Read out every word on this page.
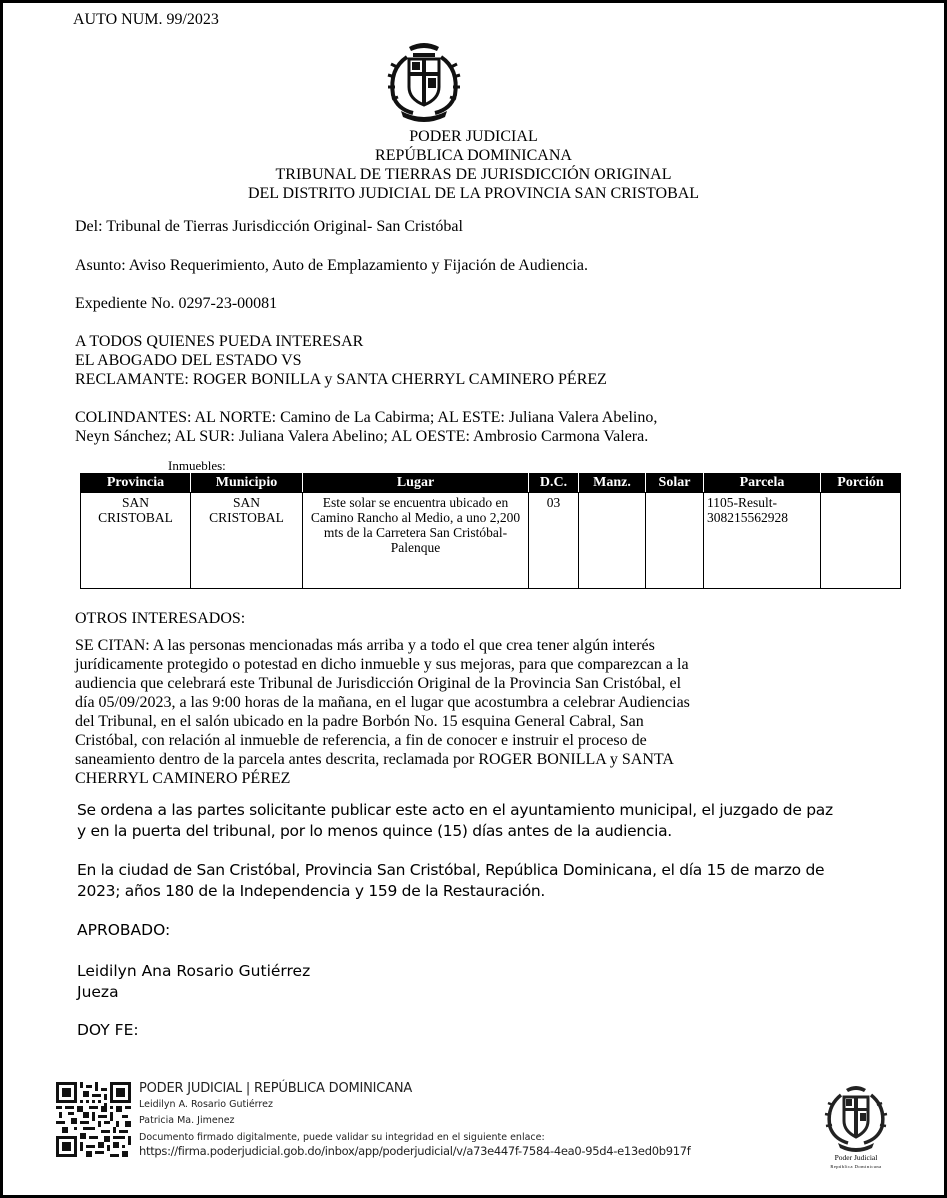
AUTO NUM. 99/2023
PODER JUDICIAL
REPÚBLICA DOMINICANA
TRIBUNAL DE TIERRAS DE JURISDICCIÓN ORIGINAL
DEL DISTRITO JUDICIAL DE LA PROVINCIA SAN CRISTOBAL
Del: Tribunal de Tierras Jurisdicción Original- San Cristóbal
Asunto: Aviso Requerimiento, Auto de Emplazamiento y Fijación de Audiencia.
Expediente No. 0297-23-00081
A TODOS QUIENES PUEDA INTERESAR
EL ABOGADO DEL ESTADO VS
RECLAMANTE: ROGER BONILLA y SANTA CHERRYL CAMINERO PÉREZ
COLINDANTES: AL NORTE: Camino de La Cabirma; AL ESTE: Juliana Valera Abelino,
Neyn Sánchez; AL SUR: Juliana Valera Abelino; AL OESTE: Ambrosio Carmona Valera.
Inmuebles:
Provincia	Municipio	Lugar	D.C.	Manz.	Solar	Parcela	Porción
SAN CRISTOBAL	SAN CRISTOBAL	Este solar se encuentra ubicado en Camino Rancho al Medio, a uno 2,200 mts de la Carretera San Cristóbal-Palenque	03			1105-Result-308215562928	
OTROS INTERESADOS:
SE CITAN: A las personas mencionadas más arriba y a todo el que crea tener algún interés
jurídicamente protegido o potestad en dicho inmueble y sus mejoras, para que comparezcan a la
audiencia que celebrará este Tribunal de Jurisdicción Original de la Provincia San Cristóbal, el
día 05/09/2023, a las 9:00 horas de la mañana, en el lugar que acostumbra a celebrar Audiencias
del Tribunal, en el salón ubicado en la padre Borbón No. 15 esquina General Cabral, San
Cristóbal, con relación al inmueble de referencia, a fin de conocer e instruir el proceso de
saneamiento dentro de la parcela antes descrita, reclamada por ROGER BONILLA y SANTA
CHERRYL CAMINERO PÉREZ
Se ordena a las partes solicitante publicar este acto en el ayuntamiento municipal, el juzgado de paz
y en la puerta del tribunal, por lo menos quince (15) días antes de la audiencia.
En la ciudad de San Cristóbal, Provincia San Cristóbal, República Dominicana, el día 15 de marzo de
2023; años 180 de la Independencia y 159 de la Restauración.
APROBADO:
Leidilyn Ana Rosario Gutiérrez
Jueza
DOY FE:
PODER JUDICIAL | REPÚBLICA DOMINICANA
Leidilyn A. Rosario Gutiérrez
Patricia Ma. Jimenez
Documento firmado digitalmente, puede validar su integridad en el siguiente enlace:
https://firma.poderjudicial.gob.do/inbox/app/poderjudicial/v/a73e447f-7584-4ea0-95d4-e13ed0b917f	Poder Judicial
República Dominicana
